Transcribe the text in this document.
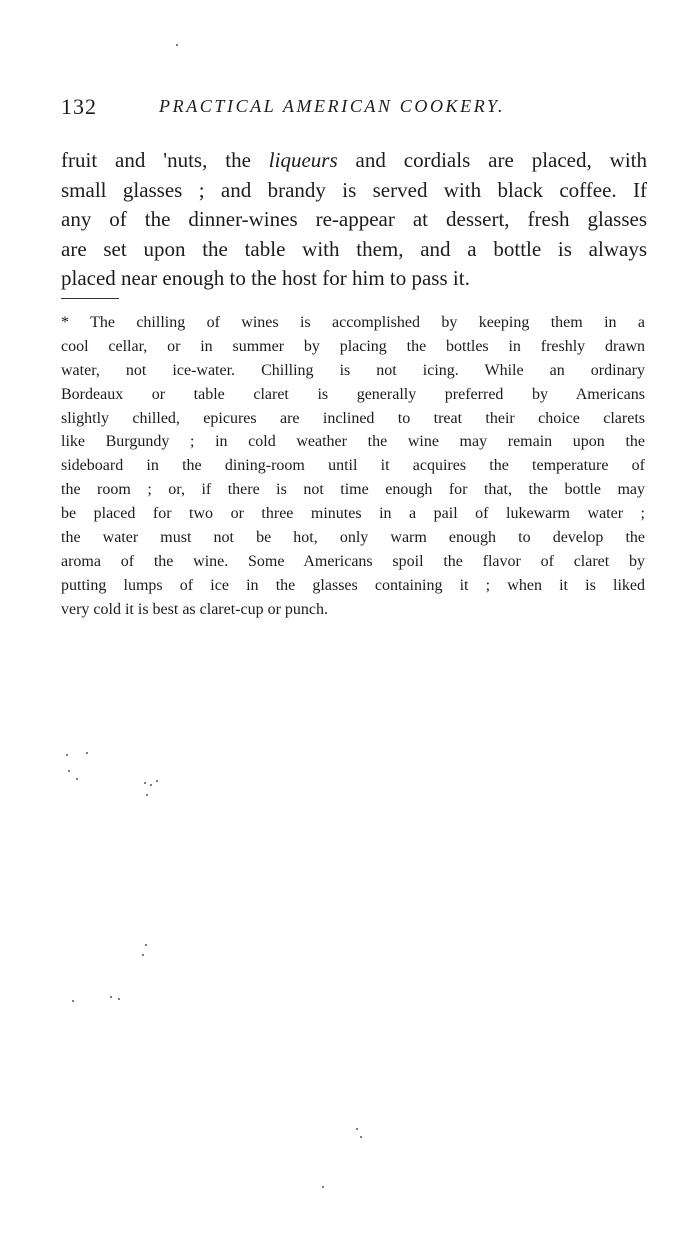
132	PRACTICAL AMERICAN COOKERY.
fruit and 'nuts, the liqueurs and cordials are placed, with
small glasses ; and brandy is served with black coffee. If
any of the dinner-wines re-appear at dessert, fresh glasses
are set upon the table with them, and a bottle is always
placed near enough to the host for him to pass it.
* The chilling of wines is accomplished by keeping them in a
cool cellar, or in summer by placing the bottles in freshly drawn
water, not ice-water. Chilling is not icing. While an ordinary
Bordeaux or table claret is generally preferred by Americans
slightly chilled, epicures are inclined to treat their choice clarets
like Burgundy ; in cold weather the wine may remain upon the
sideboard in the dining-room until it acquires the temperature of
the room ; or, if there is not time enough for that, the bottle may
be placed for two or three minutes in a pail of lukewarm water ;
the water must not be hot, only warm enough to develop the
aroma of the wine. Some Americans spoil the flavor of claret by
putting lumps of ice in the glasses containing it ; when it is liked
very cold it is best as claret-cup or punch.
